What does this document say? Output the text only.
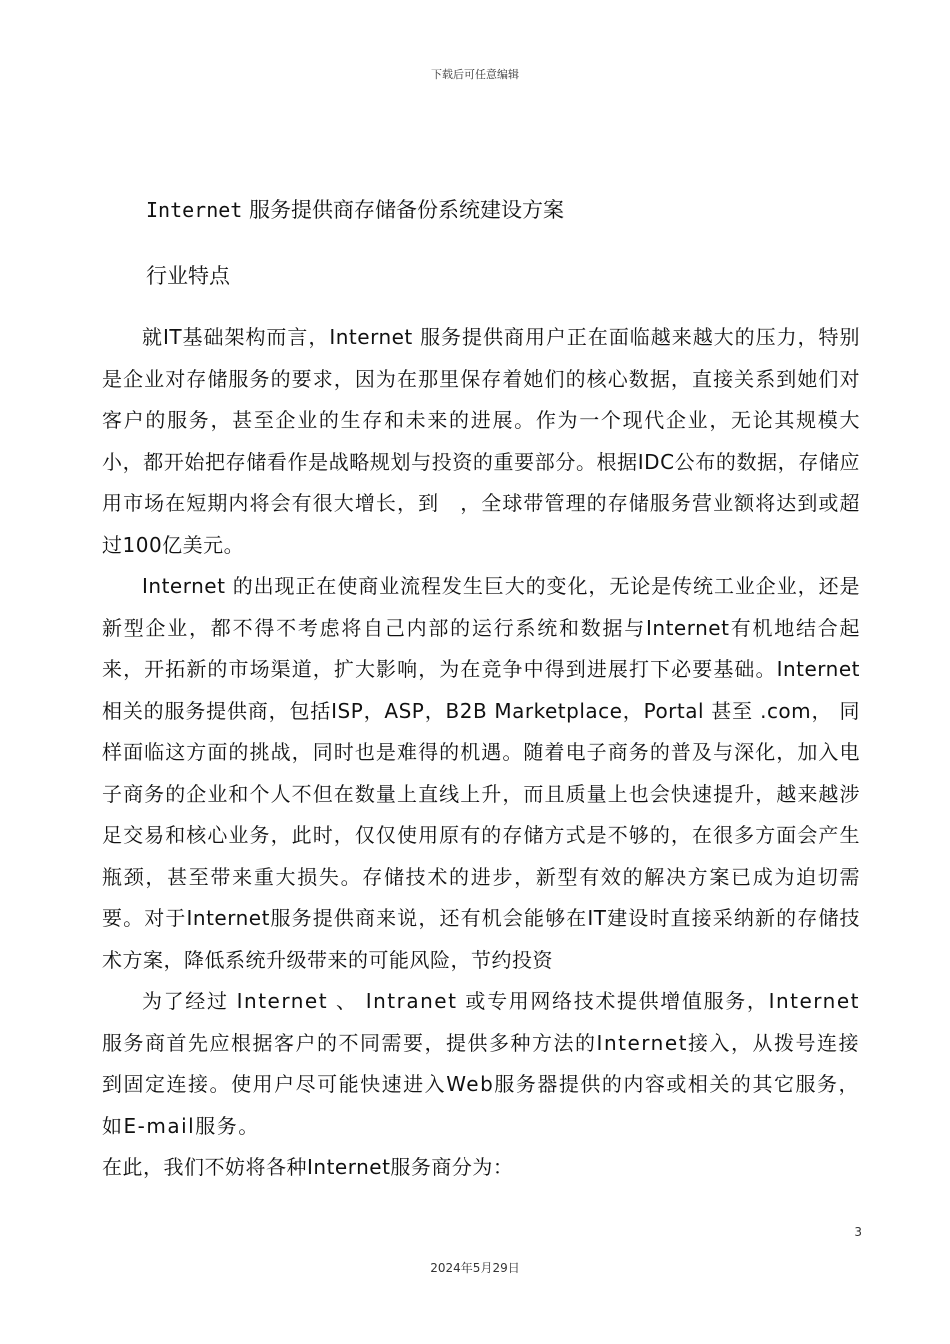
下载后可任意编辑
Internet 服务提供商存储备份系统建设方案
行业特点

就IT基础架构而言，Internet 服务提供商用户正在面临越来越大的压力，特别是企业对存储服务的要求，因为在那里保存着她们的核心数据，直接关系到她们对客户的服务，甚至企业的生存和未来的进展。作为一个现代企业，无论其规模大小，都开始把存储看作是战略规划与投资的重要部分。根据IDC公布的数据，存储应用市场在短期内将会有很大增长，到　，全球带管理的存储服务营业额将达到或超过100亿美元。

Internet 的出现正在使商业流程发生巨大的变化，无论是传统工业企业，还是新型企业，都不得不考虑将自己内部的运行系统和数据与Internet有机地结合起来，开拓新的市场渠道，扩大影响，为在竞争中得到进展打下必要基础。Internet 相关的服务提供商，包括ISP，ASP，B2B Marketplace，Portal 甚至 .com， 同样面临这方面的挑战，同时也是难得的机遇。随着电子商务的普及与深化，加入电子商务的企业和个人不但在数量上直线上升，而且质量上也会快速提升，越来越涉足交易和核心业务，此时，仅仅使用原有的存储方式是不够的，在很多方面会产生瓶颈，甚至带来重大损失。存储技术的进步，新型有效的解决方案已成为迫切需要。对于Internet服务提供商来说，还有机会能够在IT建设时直接采纳新的存储技术方案，降低系统升级带来的可能风险，节约投资

为了经过 Internet 、 Intranet 或专用网络技术提供增值服务，Internet服务商首先应根据客户的不同需要，提供多种方法的Internet接入，从拨号连接到固定连接。使用户尽可能快速进入Web服务器提供的内容或相关的其它服务，如E-mail服务。

在此，我们不妨将各种Internet服务商分为：

3
2024年5月29日
